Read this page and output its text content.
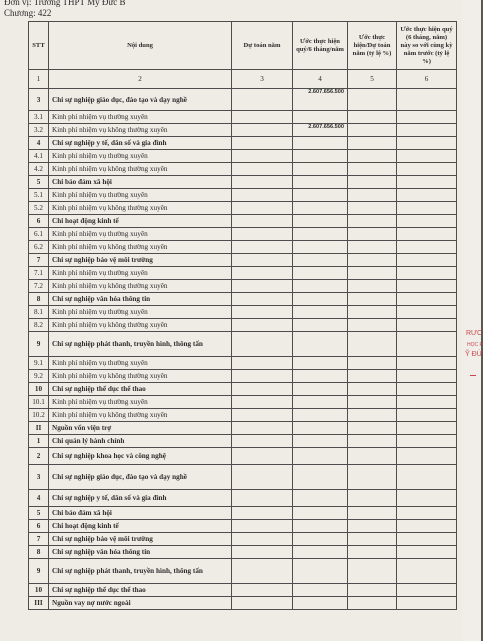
Đơn vị: Trường THPT Mỹ Đức B
Chương: 422
STT	Nội dung	Dự toán năm	Ước thực hiện quý/6 tháng/năm	Ước thực hiện/Dự toán năm (tỷ lệ %)	Ước thực hiện quý (6 tháng, năm) này so với cùng kỳ năm trước (tỷ lệ %)
1	2	3	4	5	6
3	Chi sự nghiệp giáo dục, đào tạo và dạy nghề		2.607.656.500		
3.1	Kinh phí nhiệm vụ thường xuyên				
3.2	Kinh phí nhiệm vụ không thường xuyên		2.607.656.500		
4	Chi sự nghiệp y tế, dân số và gia đình				
4.1	Kinh phí nhiệm vụ thường xuyên				
4.2	Kinh phí nhiệm vụ không thường xuyên				
5	Chi bảo đảm xã hội				
5.1	Kinh phí nhiệm vụ thường xuyên				
5.2	Kinh phí nhiệm vụ không thường xuyên				
6	Chi hoạt động kinh tế				
6.1	Kinh phí nhiệm vụ thường xuyên				
6.2	Kinh phí nhiệm vụ không thường xuyên				
7	Chi sự nghiệp bảo vệ môi trường				
7.1	Kinh phí nhiệm vụ thường xuyên				
7.2	Kinh phí nhiệm vụ không thường xuyên				
8	Chi sự nghiệp văn hóa thông tin				
8.1	Kinh phí nhiệm vụ thường xuyên				
8.2	Kinh phí nhiệm vụ không thường xuyên				
9	Chi sự nghiệp phát thanh, truyền hình, thông tấn				
9.1	Kinh phí nhiệm vụ thường xuyên				
9.2	Kinh phí nhiệm vụ không thường xuyên				
10	Chi sự nghiệp thể dục thể thao				
10.1	Kinh phí nhiệm vụ thường xuyên				
10.2	Kinh phí nhiệm vụ không thường xuyên				
II	Nguồn vốn viện trợ				
1	Chi quản lý hành chính				
2	Chi sự nghiệp khoa học và công nghệ				
3	Chi sự nghiệp giáo dục, đào tạo và dạy nghề				
4	Chi sự nghiệp y tế, dân số và gia đình				
5	Chi bảo đảm xã hội				
6	Chi hoạt động kinh tế				
7	Chi sự nghiệp bảo vệ môi trường				
8	Chi sự nghiệp văn hóa thông tin				
9	Chi sự nghiệp phát thanh, truyền hình, thông tấn				
10	Chi sự nghiệp thể dục thể thao				
III	Nguồn vay nợ nước ngoài				
RƯC
HỌC P
Ỹ ĐỨ
